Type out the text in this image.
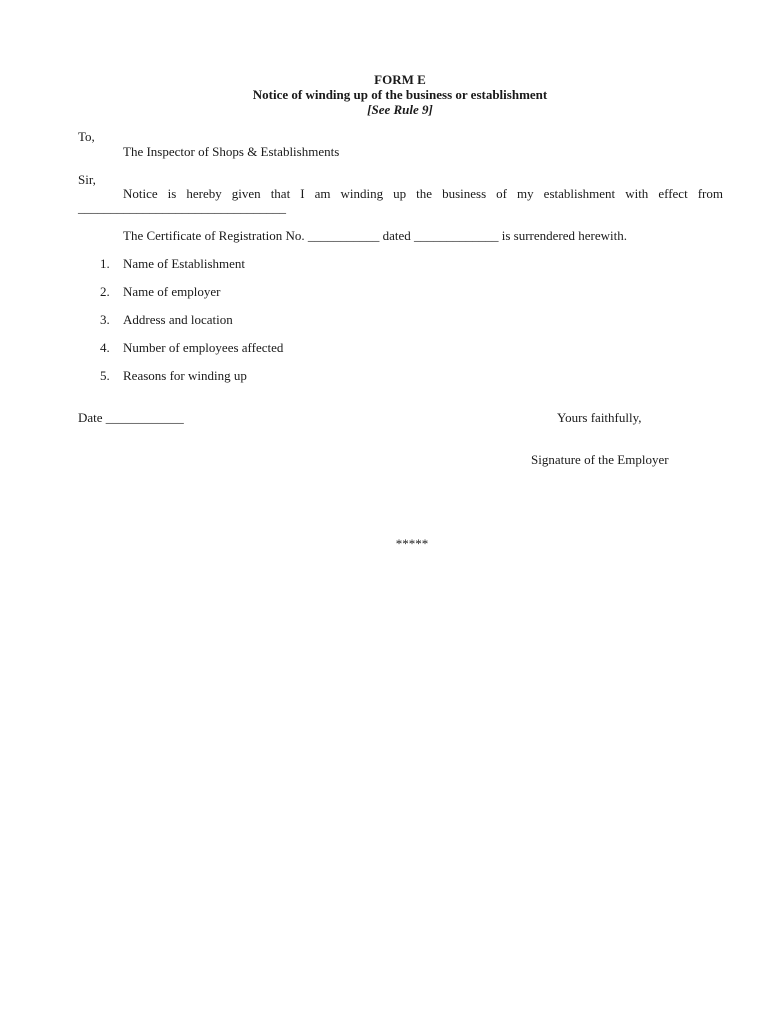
FORM E
Notice of winding up of the business or establishment
[See Rule 9]
To,
The Inspector of Shops & Establishments
Sir,
Notice is hereby given that I am winding up the business of my establishment with effect from
________________________________
The Certificate of Registration No. ___________ dated _____________ is surrendered herewith.
1. Name of Establishment
2. Name of employer
3. Address and location
4. Number of employees affected
5. Reasons for winding up
Date ____________	Yours faithfully,
Signature of the Employer
*****
